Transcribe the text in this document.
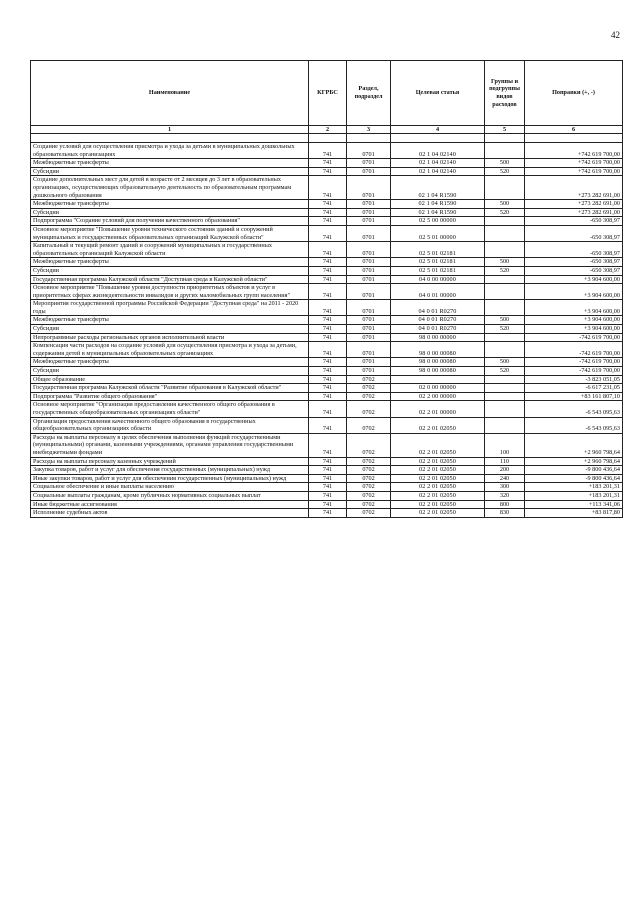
42
Наименование	КГРБС	Раздел, подраздел	Целевая статья	Группы и подгруппы видов расходов	Поправки (+, -)
1	2	3	4	5	6

Создание условий для осуществления присмотра и ухода за детьми в муниципальных дошкольных образовательных организациях	741	0701	02 1 04 02140		+742 619 700,00
Межбюджетные трансферты	741	0701	02 1 04 02140	500	+742 619 700,00
Субсидии	741	0701	02 1 04 02140	520	+742 619 700,00
Создание дополнительных мест для детей в возрасте от 2 месяцев до 3 лет в образовательных организациях, осуществляющих образовательную деятельность по образовательным программам дошкольного образования	741	0701	02 1 04 R1590		+273 282 691,00
Межбюджетные трансферты	741	0701	02 1 04 R1590	500	+273 282 691,00
Субсидии	741	0701	02 1 04 R1590	520	+273 282 691,00
Подпрограмма "Создание условий для получения качественного образования"	741	0701	02 5 00 00000		-650 308,97
Основное мероприятие "Повышение уровня технического состояния зданий и сооружений муниципальных и государственных образовательных организаций Калужской области"	741	0701	02 5 01 00000		-650 308,97
Капитальный и текущий ремонт зданий и сооружений муниципальных и государственных образовательных организаций Калужской области	741	0701	02 5 01 02181		-650 308,97
Межбюджетные трансферты	741	0701	02 5 01 02181	500	-650 308,97
Субсидии	741	0701	02 5 01 02181	520	-650 308,97
Государственная программа Калужской области "Доступная среда в Калужской области"	741	0701	04 0 00 00000		+3 904 600,00
Основное мероприятие "Повышение уровня доступности приоритетных объектов и услуг в приоритетных сферах жизнедеятельности инвалидов и других маломобильных групп населения"	741	0701	04 0 01 00000		+3 904 600,00
Мероприятия государственной программы Российской Федерации "Доступная среда" на 2011 - 2020 годы	741	0701	04 0 01 R0270		+3 904 600,00
Межбюджетные трансферты	741	0701	04 0 01 R0270	500	+3 904 600,00
Субсидии	741	0701	04 0 01 R0270	520	+3 904 600,00
Непрограммные расходы региональных органов исполнительной власти	741	0701	98 0 00 00000		-742 619 700,00
Компенсация части расходов на создание условий для осуществления присмотра и ухода за детьми, содержания детей в муниципальных образовательных организациях	741	0701	98 0 00 00080		-742 619 700,00
Межбюджетные трансферты	741	0701	98 0 00 00080	500	-742 619 700,00
Субсидии	741	0701	98 0 00 00080	520	-742 619 700,00
Общее образование	741	0702			-3 823 051,05
Государственная программа Калужской области "Развитие образования в Калужской области"	741	0702	02 0 00 00000		-6 617 231,05
Подпрограмма "Развитие общего образования"	741	0702	02 2 00 00000		+83 161 807,10
Основное мероприятие "Организация предоставления качественного общего образования в государственных общеобразовательных организациях области"	741	0702	02 2 01 00000		-6 543 095,63
Организация предоставления качественного общего образования в государственных общеобразовательных организациях области	741	0702	02 2 01 02050		-6 543 095,63
Расходы на выплаты персоналу в целях обеспечения выполнения функций государственными (муниципальными) органами, казенными учреждениями, органами управления государственными внебюджетными фондами	741	0702	02 2 01 02050	100	+2 960 798,64
Расходы на выплаты персоналу казенных учреждений	741	0702	02 2 01 02050	110	+2 960 798,64
Закупка товаров, работ и услуг для обеспечения государственных (муниципальных) нужд	741	0702	02 2 01 02050	200	-9 800 436,64
Иные закупки товаров, работ и услуг для обеспечения государственных (муниципальных) нужд	741	0702	02 2 01 02050	240	-9 800 436,64
Социальное обеспечение и иные выплаты населению	741	0702	02 2 01 02050	300	+183 201,31
Социальные выплаты гражданам, кроме публичных нормативных социальных выплат	741	0702	02 2 01 02050	320	+183 201,31
Иные бюджетные ассигнования	741	0702	02 2 01 02050	800	+113 341,06
Исполнение судебных актов	741	0702	02 2 01 02050	830	+83 817,80
